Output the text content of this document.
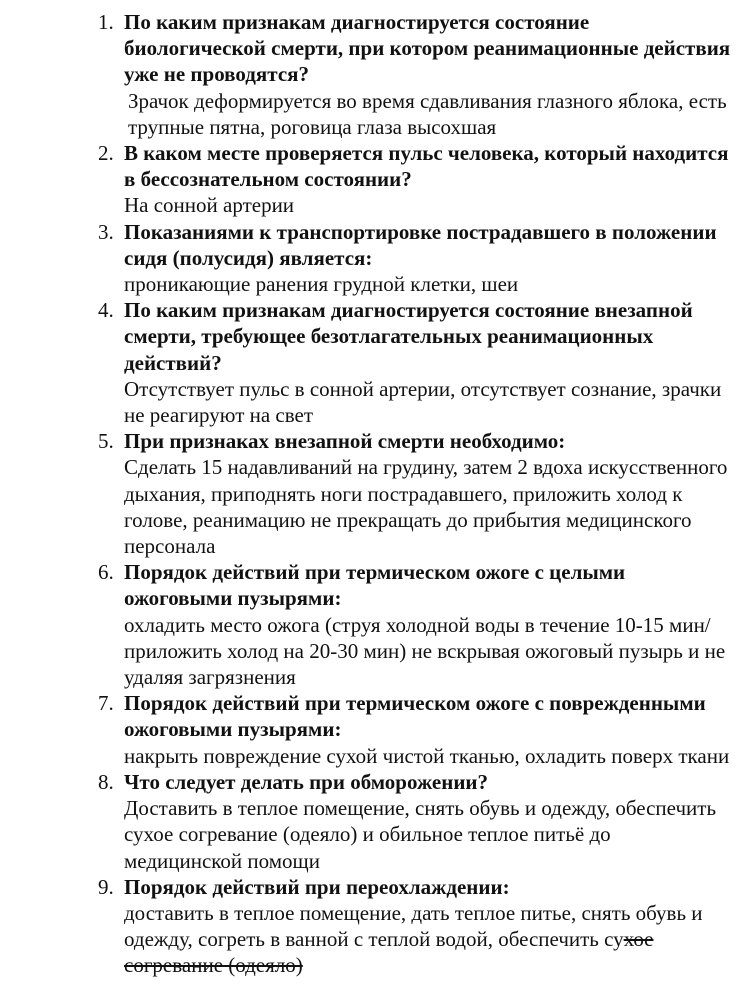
1. По каким признакам диагностируется состояние биологической смерти, при котором реанимационные действия уже не проводятся?
Зрачок деформируется во время сдавливания глазного яблока, есть трупные пятна, роговица глаза высохшая
2. В каком месте проверяется пульс человека, который находится в бессознательном состоянии?
На сонной артерии
3. Показаниями к транспортировке пострадавшего в положении сидя (полусидя) является:
проникающие ранения грудной клетки, шеи
4. По каким признакам диагностируется состояние внезапной смерти, требующее безотлагательных реанимационных действий?
Отсутствует пульс в сонной артерии, отсутствует сознание, зрачки не реагируют на свет
5. При признаках внезапной смерти необходимо:
Сделать 15 надавливаний на грудину, затем 2 вдоха искусственного дыхания, приподнять ноги пострадавшего, приложить холод к голове, реанимацию не прекращать до прибытия медицинского персонала
6. Порядок действий при термическом ожоге с целыми ожоговыми пузырями:
охладить место ожога (струя холодной воды в течение 10-15 мин/приложить холод на 20-30 мин) не вскрывая ожоговый пузырь и не удаляя загрязнения
7. Порядок действий при термическом ожоге с поврежденными ожоговыми пузырями:
накрыть повреждение сухой чистой тканью, охладить поверх ткани
8. Что следует делать при обморожении?
Доставить в теплое помещение, снять обувь и одежду, обеспечить сухое согревание (одеяло) и обильное теплое питьё до медицинской помощи
9. Порядок действий при переохлаждении:
доставить в теплое помещение, дать теплое питье, снять обувь и одежду, согреть в ванной с теплой водой, обеспечить сухое согревание (одеяло)
